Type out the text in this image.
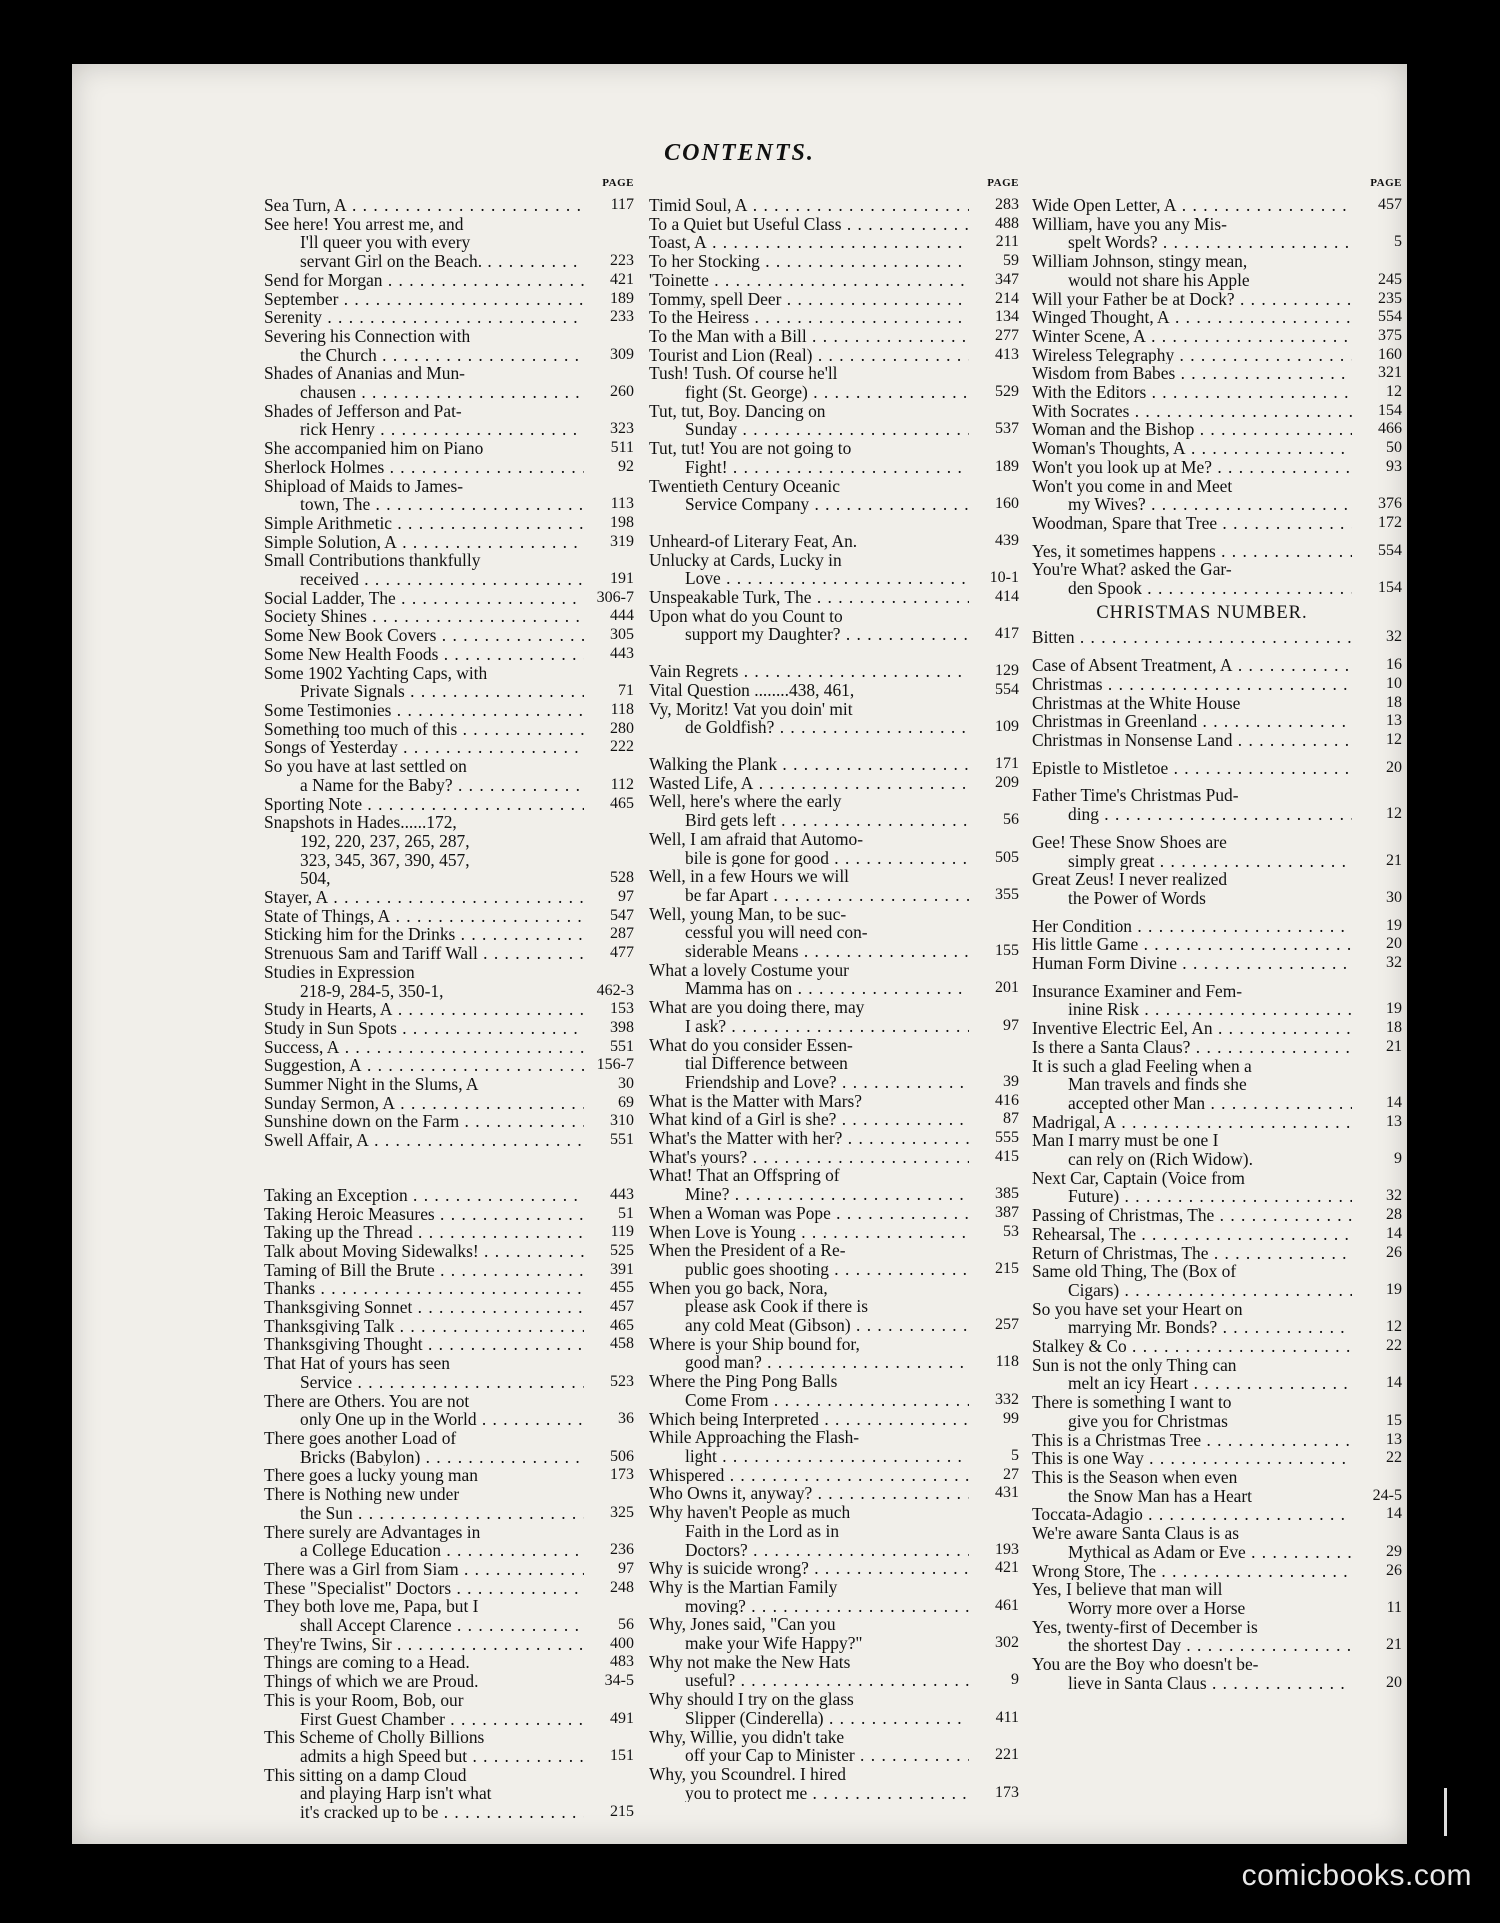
CONTENTS.
PAGE
Sea Turn, A . . .	117
See here! You arrest me, and
I'll queer you with every
servant Girl on the Beach. . . .	223
Send for Morgan . . .	421
September . . .	189
Serenity . . .	233
Severing his Connection with
the Church . . .	309
Shades of Ananias and Mun-
chausen . . .	260
Shades of Jefferson and Pat-
rick Henry . . .	323
She accompanied him on Piano	511
Sherlock Holmes . . .	92
Shipload of Maids to James-
town, The . . .	113
Simple Arithmetic . . .	198
Simple Solution, A . . .	319
Small Contributions thankfully
received . . .	191
Social Ladder, The . . .	306-7
Society Shines . . .	444
Some New Book Covers . . .	305
Some New Health Foods . . .	443
Some 1902 Yachting Caps, with
Private Signals . . .	71
Some Testimonies . . .	118
Something too much of this . . .	280
Songs of Yesterday . . .	222
So you have at last settled on
a Name for the Baby? . . .	112
Sporting Note . . .	465
Snapshots in Hades......172,
192, 220, 237, 265, 287,
323, 345, 367, 390, 457,
504,	528
Stayer, A . . .	97
State of Things, A . . .	547
Sticking him for the Drinks . . .	287
Strenuous Sam and Tariff Wall . . .	477
Studies in Expression
218-9, 284-5, 350-1,	462-3
Study in Hearts, A . . .	153
Study in Sun Spots . . .	398
Success, A . . .	551
Suggestion, A . . .	156-7
Summer Night in the Slums, A	30
Sunday Sermon, A . . .	69
Sunshine down on the Farm . . .	310
Swell Affair, A . . .	551
Taking an Exception . . .	443
Taking Heroic Measures . . .	51
Taking up the Thread . . .	119
Talk about Moving Sidewalks! . . .	525
Taming of Bill the Brute . . .	391
Thanks . . .	455
Thanksgiving Sonnet . . .	457
Thanksgiving Talk . . .	465
Thanksgiving Thought . . .	458
That Hat of yours has seen
Service . . .	523
There are Others. You are not
only One up in the World . . .	36
There goes another Load of
Bricks (Babylon) . . .	506
There goes a lucky young man	173
There is Nothing new under
the Sun . . .	325
There surely are Advantages in
a College Education . . .	236
There was a Girl from Siam . . .	97
These "Specialist" Doctors . . .	248
They both love me, Papa, but I
shall Accept Clarence . . .	56
They're Twins, Sir . . .	400
Things are coming to a Head.	483
Things of which we are Proud.	34-5
This is your Room, Bob, our
First Guest Chamber . . .	491
This Scheme of Cholly Billions
admits a high Speed but . . .	151
This sitting on a damp Cloud
and playing Harp isn't what
it's cracked up to be . . .	215
PAGE
Timid Soul, A . . .	283
To a Quiet but Useful Class . . .	488
Toast, A . . .	211
To her Stocking . . .	59
'Toinette . . .	347
Tommy, spell Deer . . .	214
To the Heiress . . .	134
To the Man with a Bill . . .	277
Tourist and Lion (Real) . . .	413
Tush! Tush. Of course he'll
fight (St. George) . . .	529
Tut, tut, Boy. Dancing on
Sunday . . .	537
Tut, tut! You are not going to
Fight! . . .	189
Twentieth Century Oceanic
Service Company . . .	160
Unheard-of Literary Feat, An.	439
Unlucky at Cards, Lucky in
Love . . .	10-1
Unspeakable Turk, The . . .	414
Upon what do you Count to
support my Daughter? . . .	417
Vain Regrets . . .	129
Vital Question ........438, 461,	554
Vy, Moritz! Vat you doin' mit
de Goldfish? . . .	109
Walking the Plank . . .	171
Wasted Life, A . . .	209
Well, here's where the early
Bird gets left . . .	56
Well, I am afraid that Automo-
bile is gone for good . . .	505
Well, in a few Hours we will
be far Apart . . .	355
Well, young Man, to be suc-
cessful you will need con-
siderable Means . . .	155
What a lovely Costume your
Mamma has on . . .	201
What are you doing there, may
I ask? . . .	97
What do you consider Essen-
tial Difference between
Friendship and Love? . . .	39
What is the Matter with Mars?	416
What kind of a Girl is she? . . .	87
What's the Matter with her? . . .	555
What's yours? . . .	415
What! That an Offspring of
Mine? . . .	385
When a Woman was Pope . . .	387
When Love is Young . . .	53
When the President of a Re-
public goes shooting . . .	215
When you go back, Nora,
please ask Cook if there is
any cold Meat (Gibson) . . .	257
Where is your Ship bound for,
good man? . . .	118
Where the Ping Pong Balls
Come From . . .	332
Which being Interpreted . . .	99
While Approaching the Flash-
light . . .	5
Whispered . . .	27
Who Owns it, anyway? . . .	431
Why haven't People as much
Faith in the Lord as in
Doctors? . . .	193
Why is suicide wrong? . . .	421
Why is the Martian Family
moving? . . .	461
Why, Jones said, "Can you
make your Wife Happy?"	302
Why not make the New Hats
useful? . . .	9
Why should I try on the glass
Slipper (Cinderella) . . .	411
Why, Willie, you didn't take
off your Cap to Minister . . .	221
Why, you Scoundrel. I hired
you to protect me . . .	173
PAGE
Wide Open Letter, A . . .	457
William, have you any Mis-
spelt Words? . . .	5
William Johnson, stingy mean,
would not share his Apple	245
Will your Father be at Dock? . . .	235
Winged Thought, A . . .	554
Winter Scene, A . . .	375
Wireless Telegraphy . . .	160
Wisdom from Babes . . .	321
With the Editors . . .	12
With Socrates . . .	154
Woman and the Bishop . . .	466
Woman's Thoughts, A . . .	50
Won't you look up at Me? . . .	93
Won't you come in and Meet
my Wives? . . .	376
Woodman, Spare that Tree . . .	172
Yes, it sometimes happens . . .	554
You're What? asked the Gar-
den Spook . . .	154
CHRISTMAS NUMBER.
Bitten . . .	32
Case of Absent Treatment, A . . .	16
Christmas . . .	10
Christmas at the White House	18
Christmas in Greenland . . .	13
Christmas in Nonsense Land . . .	12
Epistle to Mistletoe . . .	20
Father Time's Christmas Pud-
ding . . .	12
Gee! These Snow Shoes are
simply great . . .	21
Great Zeus! I never realized
the Power of Words	30
Her Condition . . .	19
His little Game . . .	20
Human Form Divine . . .	32
Insurance Examiner and Fem-
inine Risk . . .	19
Inventive Electric Eel, An . . .	18
Is there a Santa Claus? . . .	21
It is such a glad Feeling when a
Man travels and finds she
accepted other Man . . .	14
Madrigal, A . . .	13
Man I marry must be one I
can rely on (Rich Widow).	9
Next Car, Captain (Voice from
Future) . . .	32
Passing of Christmas, The . . .	28
Rehearsal, The . . .	14
Return of Christmas, The . . .	26
Same old Thing, The (Box of
Cigars) . . .	19
So you have set your Heart on
marrying Mr. Bonds? . . .	12
Stalkey & Co . . .	22
Sun is not the only Thing can
melt an icy Heart . . .	14
There is something I want to
give you for Christmas	15
This is a Christmas Tree . . .	13
This is one Way . . .	22
This is the Season when even
the Snow Man has a Heart	24-5
Toccata-Adagio . . .	14
We're aware Santa Claus is as
Mythical as Adam or Eve . . .	29
Wrong Store, The . . .	26
Yes, I believe that man will
Worry more over a Horse	11
Yes, twenty-first of December is
the shortest Day . . .	21
You are the Boy who doesn't be-
lieve in Santa Claus . . .	20
comicbooks.com
